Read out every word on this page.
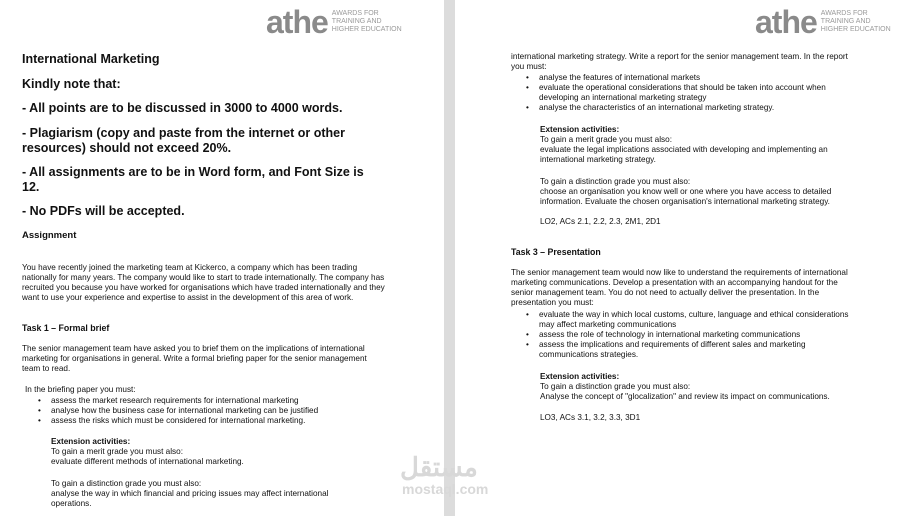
athe AWARDS FOR
TRAINING AND
HIGHER EDUCATION

International Marketing

Kindly note that:

- All points are to be discussed in 3000 to 4000 words.

- Plagiarism (copy and paste from the internet or other resources) should not exceed 20%.

- All assignments are to be in Word form, and Font Size is 12.

- No PDFs will be accepted.

Assignment

You have recently joined the marketing team at Kickerco, a company which has been trading nationally for many years. The company would like to start to trade internationally. The company has recruited you because you have worked for organisations which have traded internationally and they want to use your experience and expertise to assist in the development of this area of work.

Task 1 – Formal brief

The senior management team have asked you to brief them on the implications of international marketing for organisations in general. Write a formal briefing paper for the senior management team to read.

In the briefing paper you must:

• assess the market research requirements for international marketing
• analyse how the business case for international marketing can be justified
• assess the risks which must be considered for international marketing.

Extension activities:

To gain a merit grade you must also:

evaluate different methods of international marketing.

To gain a distinction grade you must also:

analyse the way in which financial and pricing issues may affect international operations.

athe AWARDS FOR
TRAINING AND
HIGHER EDUCATION

international marketing strategy. Write a report for the senior management team. In the report you must:

• analyse the features of international markets
• evaluate the operational considerations that should be taken into account when developing an international marketing strategy
• analyse the characteristics of an international marketing strategy.

Extension activities:

To gain a merit grade you must also:

evaluate the legal implications associated with developing and implementing an international marketing strategy.

To gain a distinction grade you must also:

choose an organisation you know well or one where you have access to detailed information. Evaluate the chosen organisation's international marketing strategy.

LO2, ACs 2.1, 2.2, 2.3, 2M1, 2D1

Task 3 – Presentation

The senior management team would now like to understand the requirements of international marketing communications. Develop a presentation with an accompanying handout for the senior management team. You do not need to actually deliver the presentation. In the presentation you must:

• evaluate the way in which local customs, culture, language and ethical considerations may affect marketing communications
• assess the role of technology in international marketing communications
• assess the implications and requirements of different sales and marketing communications strategies.

Extension activities:

To gain a distinction grade you must also:

Analyse the concept of "glocalization" and review its impact on communications.

LO3, ACs 3.1, 3.2, 3.3, 3D1

مستقل
mostaql.com
